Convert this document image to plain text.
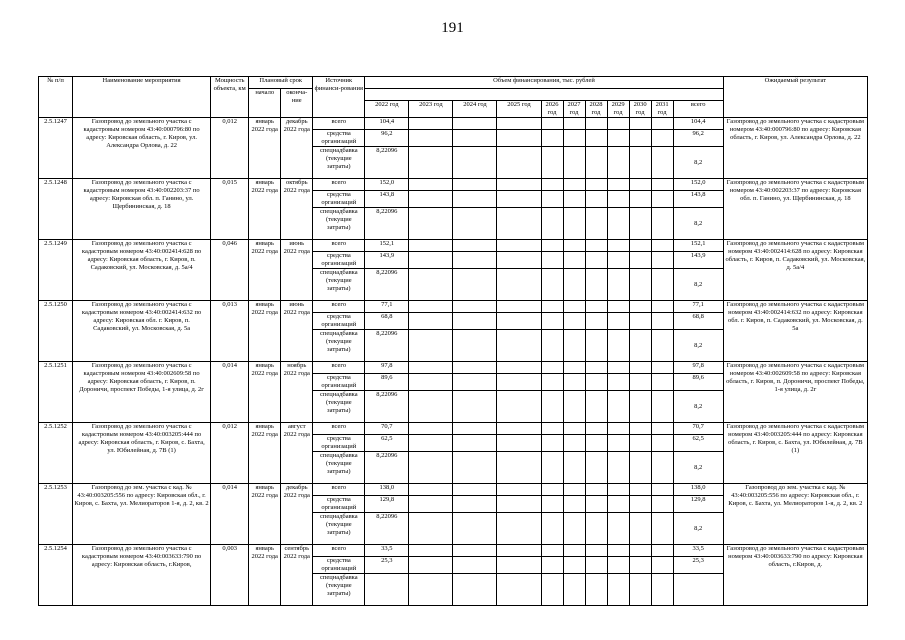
191
№ п/п	Наименование мероприятия	Мощность объекта, км	Плановый срок		Источник финанси-рования	Объем финансирования, тыс. рублей											Ожидаемый результат
			начало	оконча-ние													
						2022 год	2023 год	2024 год	2025 год	2026 год	2027 год	2028 год	2029 год	2030 год	2031 год	всего	
2.5.1247	Газопровод до земельного участка с кадастровым номером 43:40:000796:80 по адресу: Кировская область, г. Киров, ул. Александра Орлова, д. 22	0,012	январь 2022 года	декабрь 2022 года	всего	104,4										104,4	Газопровод до земельного участка с кадастровым номером 43:40:000796:80 по адресу: Кировская область, г. Киров, ул. Александра Орлова, д. 22
					средства организаций	96,2										96,2	
					спецнадбавка (текущие затраты)	8,22096										8,2	
2.5.1248	Газопровод до земельного участка с кадастровым номером 43:40:002203:37 по адресу: Кировская обл. п. Ганино, ул. Щербининская, д. 18	0,015	январь 2022 года	октябрь 2022 года	всего	152,0										152,0	Газопровод до земельного участка с кадастровым номером 43:40:002203:37 по адресу: Кировская обл. п. Ганино, ул. Щербининская, д. 18
					средства организаций	143,8										143,8	
					спецнадбавка (текущие затраты)	8,22096										8,2	
2.5.1249	Газопровод до земельного участка с кадастровым номером 43:40:002414:628 по адресу: Кировская область, г. Киров, п. Садаковский, ул. Московская, д. 5а/4	0,046	январь 2022 года	июнь 2022 года	всего	152,1										152,1	Газопровод до земельного участка с кадастровым номером 43:40:002414:628 по адресу: Кировская область, г. Киров, п. Садаковский, ул. Московская, д. 5а/4
					средства организаций	143,9										143,9	
					спецнадбавка (текущие затраты)	8,22096										8,2	
2.5.1250	Газопровод до земельного участка с кадастровым номером 43:40:002414:632 по адресу: Кировская обл. г. Киров, п. Садаковский, ул. Московская, д. 5а	0,013	январь 2022 года	июнь 2022 года	всего	77,1										77,1	Газопровод до земельного участка с кадастровым номером 43:40:002414:632 по адресу: Кировская обл. г. Киров, п. Садаковский, ул. Московская, д. 5а
					средства организаций	68,8										68,8	
					спецнадбавка (текущие затраты)	8,22096										8,2	
2.5.1251	Газопровод до земельного участка с кадастровым номером 43:40:002609:58 по адресу: Кировская область, г. Киров, п. Дороничи, проспект Победы, 1-я улица, д. 2г	0,014	январь 2022 года	ноябрь 2022 года	всего	97,8										97,8	Газопровод до земельного участка с кадастровым номером 43:40:002609:58 по адресу: Кировская область, г. Киров, п. Дороничи, проспект Победы, 1-я улица, д. 2г
					средства организаций	89,6										89,6	
					спецнадбавка (текущие затраты)	8,22096										8,2	
2.5.1252	Газопровод до земельного участка с кадастровым номером 43:40:003205:444 по адресу: Кировская область, г. Киров, с. Бахта, ул. Юбилейная, д. 7В (1)	0,012	январь 2022 года	август 2022 года	всего	70,7										70,7	Газопровод до земельного участка с кадастровым номером 43:40:003205:444 по адресу: Кировская область, г. Киров, с. Бахта, ул. Юбилейная, д. 7В (1)
					средства организаций	62,5										62,5	
					спецнадбавка (текущие затраты)	8,22096										8,2	
2.5.1253	Газопровод до зем. участка с кад. № 43:40:003205:556 по адресу: Кировская обл., г. Киров, с. Бахта, ул. Мелиораторов 1-я, д. 2, кв. 2	0,014	январь 2022 года	декабрь 2022 года	всего	138,0										138,0	Газопровод до зем. участка с кад. № 43:40:003205:556 по адресу: Кировская обл., г. Киров, с. Бахта, ул. Мелиораторов 1-я, д. 2, кв. 2
					средства организаций	129,8										129,8	
					спецнадбавка (текущие затраты)	8,22096										8,2	
2.5.1254	Газопровод до земельного участка с кадастровым номером 43:40:003633:790 по адресу: Кировская область, г.Киров,	0,003	январь 2022 года	сентябрь 2022 года	всего	33,5										33,5	Газопровод до земельного участка с кадастровым номером 43:40:003633:790 по адресу: Кировская область, г.Киров, д.
					средства организаций	25,3										25,3	
					спецнадбавка (текущие затраты)												
